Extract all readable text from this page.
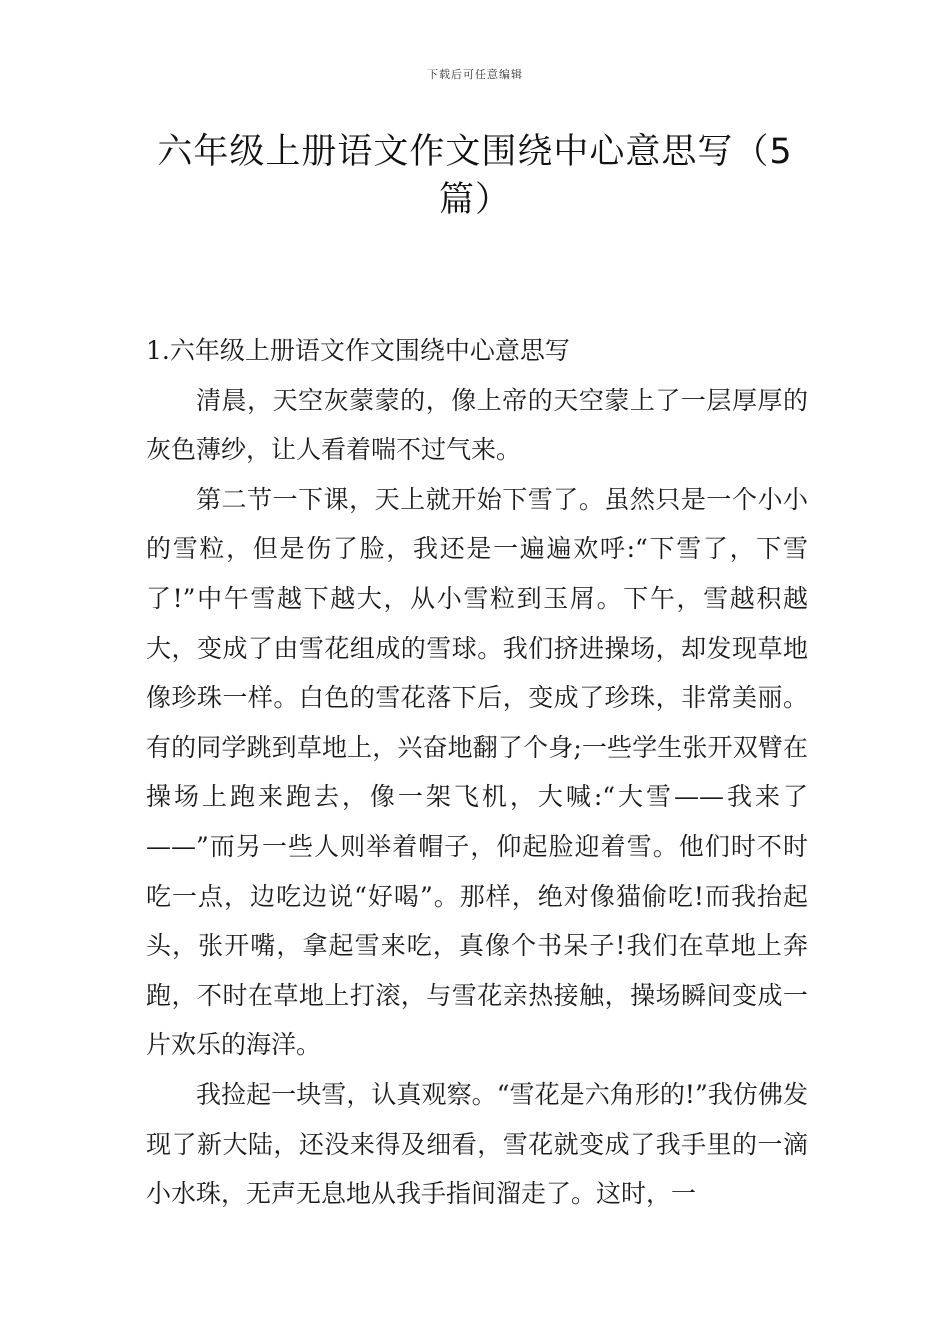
下载后可任意编辑
六年级上册语文作文围绕中心意思写（5篇）

1.六年级上册语文作文围绕中心意思写

清晨，天空灰蒙蒙的，像上帝的天空蒙上了一层厚厚的灰色薄纱，让人看着喘不过气来。

第二节一下课，天上就开始下雪了。虽然只是一个小小的雪粒，但是伤了脸，我还是一遍遍欢呼:“下雪了，下雪了!”中午雪越下越大，从小雪粒到玉屑。下午，雪越积越大，变成了由雪花组成的雪球。我们挤进操场，却发现草地像珍珠一样。白色的雪花落下后，变成了珍珠，非常美丽。有的同学跳到草地上，兴奋地翻了个身;一些学生张开双臂在操场上跑来跑去，像一架飞机，大喊:“大雪——我来了——”而另一些人则举着帽子，仰起脸迎着雪。他们时不时吃一点，边吃边说“好喝”。那样，绝对像猫偷吃!而我抬起头，张开嘴，拿起雪来吃，真像个书呆子!我们在草地上奔跑，不时在草地上打滚，与雪花亲热接触，操场瞬间变成一片欢乐的海洋。

我捡起一块雪，认真观察。“雪花是六角形的!”我仿佛发现了新大陆，还没来得及细看，雪花就变成了我手里的一滴小水珠，无声无息地从我手指间溜走了。这时，一
